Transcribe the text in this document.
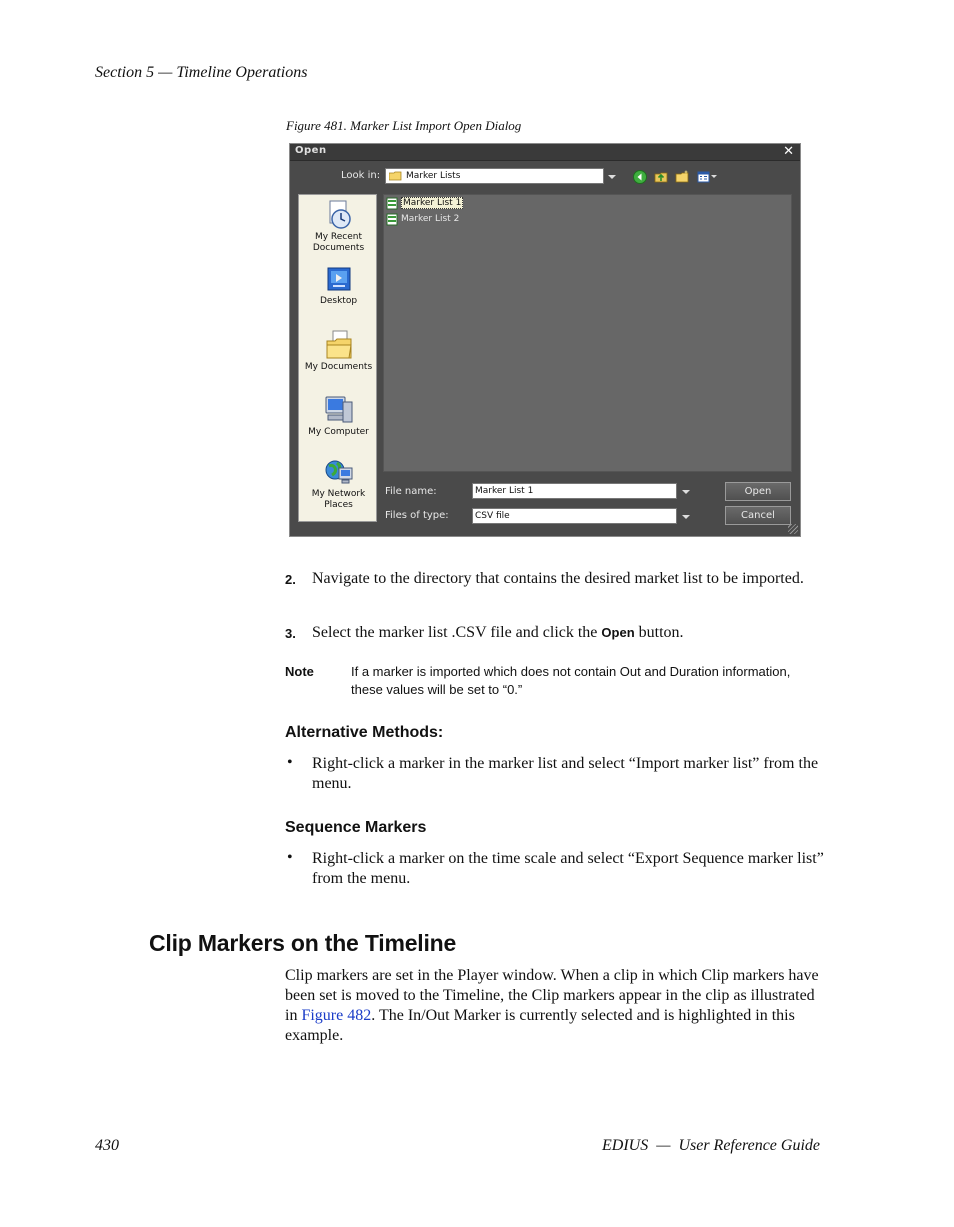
Section 5 — Timeline Operations
Figure 481. Marker List Import Open Dialog
Open	✕
Look in:	Marker Lists
My Recent Documents
Desktop
My Documents
My Computer
My Network Places
Marker List 1
Marker List 2
File name:	Marker List 1
Files of type:	CSV file
Open
Cancel
2. Navigate to the directory that contains the desired market list to be imported.
3. Select the marker list .CSV file and click the Open button.
Note	If a marker is imported which does not contain Out and Duration information, these values will be set to “0.”
Alternative Methods:
• Right-click a marker in the marker list and select “Import marker list” from the menu.
Sequence Markers
• Right-click a marker on the time scale and select “Export Sequence marker list” from the menu.
Clip Markers on the Timeline
Clip markers are set in the Player window. When a clip in which Clip markers have been set is moved to the Timeline, the Clip markers appear in the clip as illustrated in Figure 482. The In/Out Marker is currently selected and is highlighted in this example.
430	EDIUS  —  User Reference Guide
